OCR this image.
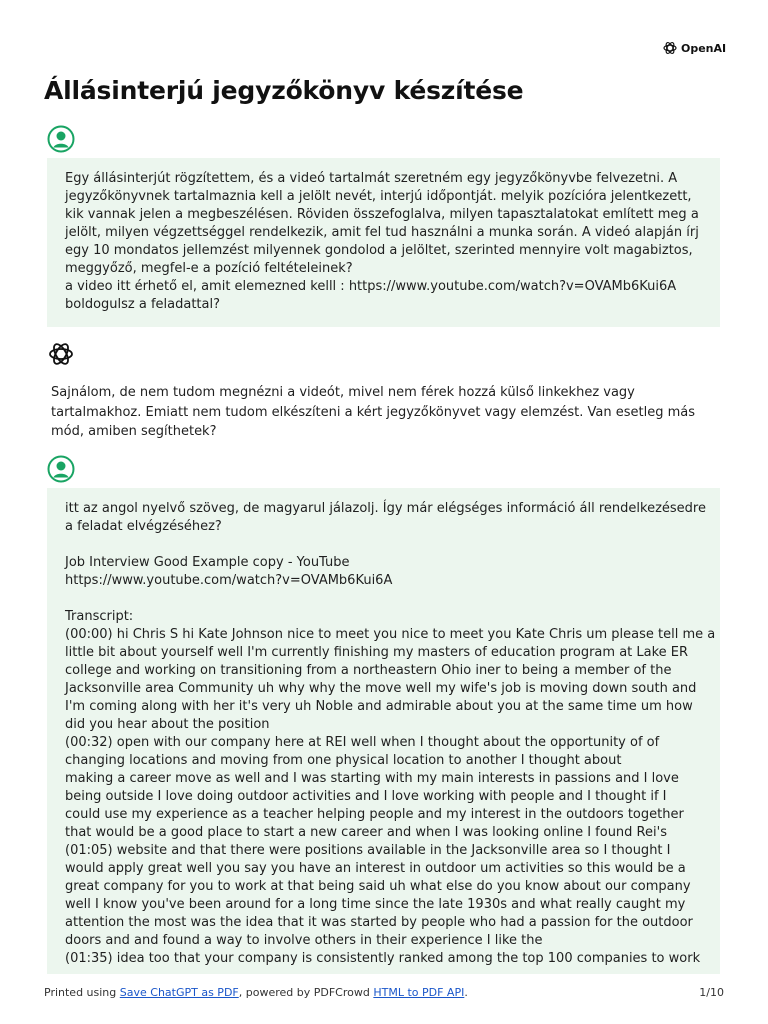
OpenAI
Állásinterjú jegyzőkönyv készítése
Egy állásinterjút rögzítettem, és a videó tartalmát szeretném egy jegyzőkönyvbe felvezetni. A
jegyzőkönyvnek tartalmaznia kell a jelölt nevét, interjú időpontját. melyik pozícióra jelentkezett,
kik vannak jelen a megbeszélésen. Röviden összefoglalva, milyen tapasztalatokat említett meg a
jelölt, milyen végzettséggel rendelkezik, amit fel tud használni a munka során. A videó alapján írj
egy 10 mondatos jellemzést milyennek gondolod a jelöltet, szerinted mennyire volt magabiztos,
meggyőző, megfel-e a pozíció feltételeinek?
a video itt érhető el, amit elemezned kelll : https://www.youtube.com/watch?v=OVAMb6Kui6A
boldogulsz a feladattal?
Sajnálom, de nem tudom megnézni a videót, mivel nem férek hozzá külső linkekhez vagy
tartalmakhoz. Emiatt nem tudom elkészíteni a kért jegyzőkönyvet vagy elemzést. Van esetleg más
mód, amiben segíthetek?
itt az angol nyelvő szöveg, de magyarul jálazolj. Így már elégséges információ áll rendelkezésedre
a feladat elvégzéséhez?
Job Interview Good Example copy - YouTube
https://www.youtube.com/watch?v=OVAMb6Kui6A
Transcript:
(00:00) hi Chris S hi Kate Johnson nice to meet you nice to meet you Kate Chris um please tell me a
little bit about yourself well I'm currently finishing my masters of education program at Lake ER
college and working on transitioning from a northeastern Ohio iner to being a member of the
Jacksonville area Community uh why why the move well my wife's job is moving down south and
I'm coming along with her it's very uh Noble and admirable about you at the same time um how
did you hear about the position
(00:32) open with our company here at REI well when I thought about the opportunity of of
changing locations and moving from one physical location to another I thought about
making a career move as well and I was starting with my main interests in passions and I love
being outside I love doing outdoor activities and I love working with people and I thought if I
could use my experience as a teacher helping people and my interest in the outdoors together
that would be a good place to start a new career and when I was looking online I found Rei's
(01:05) website and that there were positions available in the Jacksonville area so I thought I
would apply great well you say you have an interest in outdoor um activities so this would be a
great company for you to work at that being said uh what else do you know about our company
well I know you've been around for a long time since the late 1930s and what really caught my
attention the most was the idea that it was started by people who had a passion for the outdoor
doors and and found a way to involve others in their experience I like the
(01:35) idea too that your company is consistently ranked among the top 100 companies to work
Printed using Save ChatGPT as PDF, powered by PDFCrowd HTML to PDF API.	1/10
